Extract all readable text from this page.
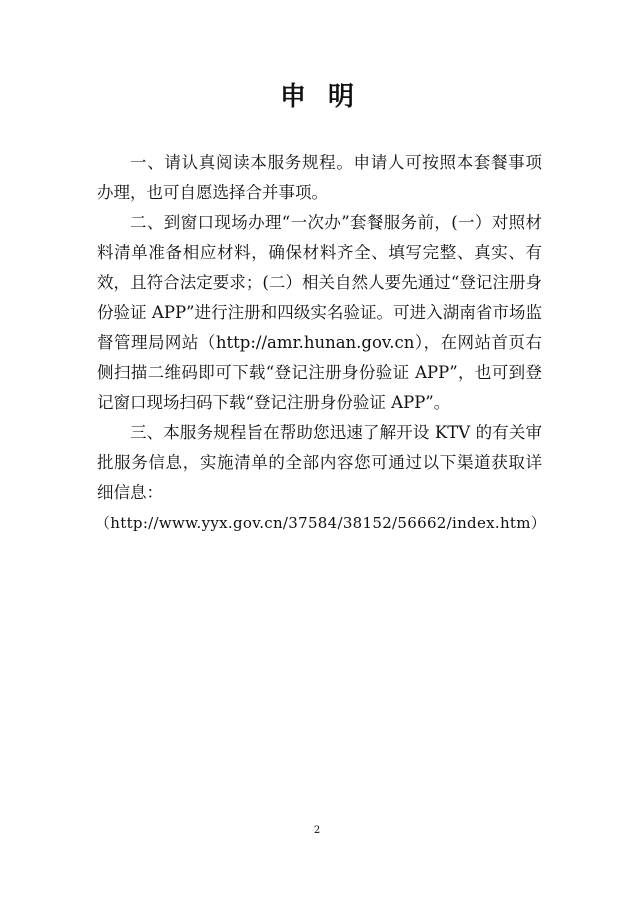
申明

一、请认真阅读本服务规程。申请人可按照本套餐事项办理，也可自愿选择合并事项。

二、到窗口现场办理“一次办”套餐服务前，(一）对照材料清单准备相应材料，确保材料齐全、填写完整、真实、有效，且符合法定要求；(二）相关自然人要先通过“登记注册身份验证 APP”进行注册和四级实名验证。可进入湖南省市场监督管理局网站（http://amr.hunan.gov.cn），在网站首页右侧扫描二维码即可下载“登记注册身份验证 APP”，也可到登记窗口现场扫码下载“登记注册身份验证 APP”。

三、本服务规程旨在帮助您迅速了解开设 KTV 的有关审批服务信息，实施清单的全部内容您可通过以下渠道获取详细信息：

（http://www.yyx.gov.cn/37584/38152/56662/index.htm）

2
